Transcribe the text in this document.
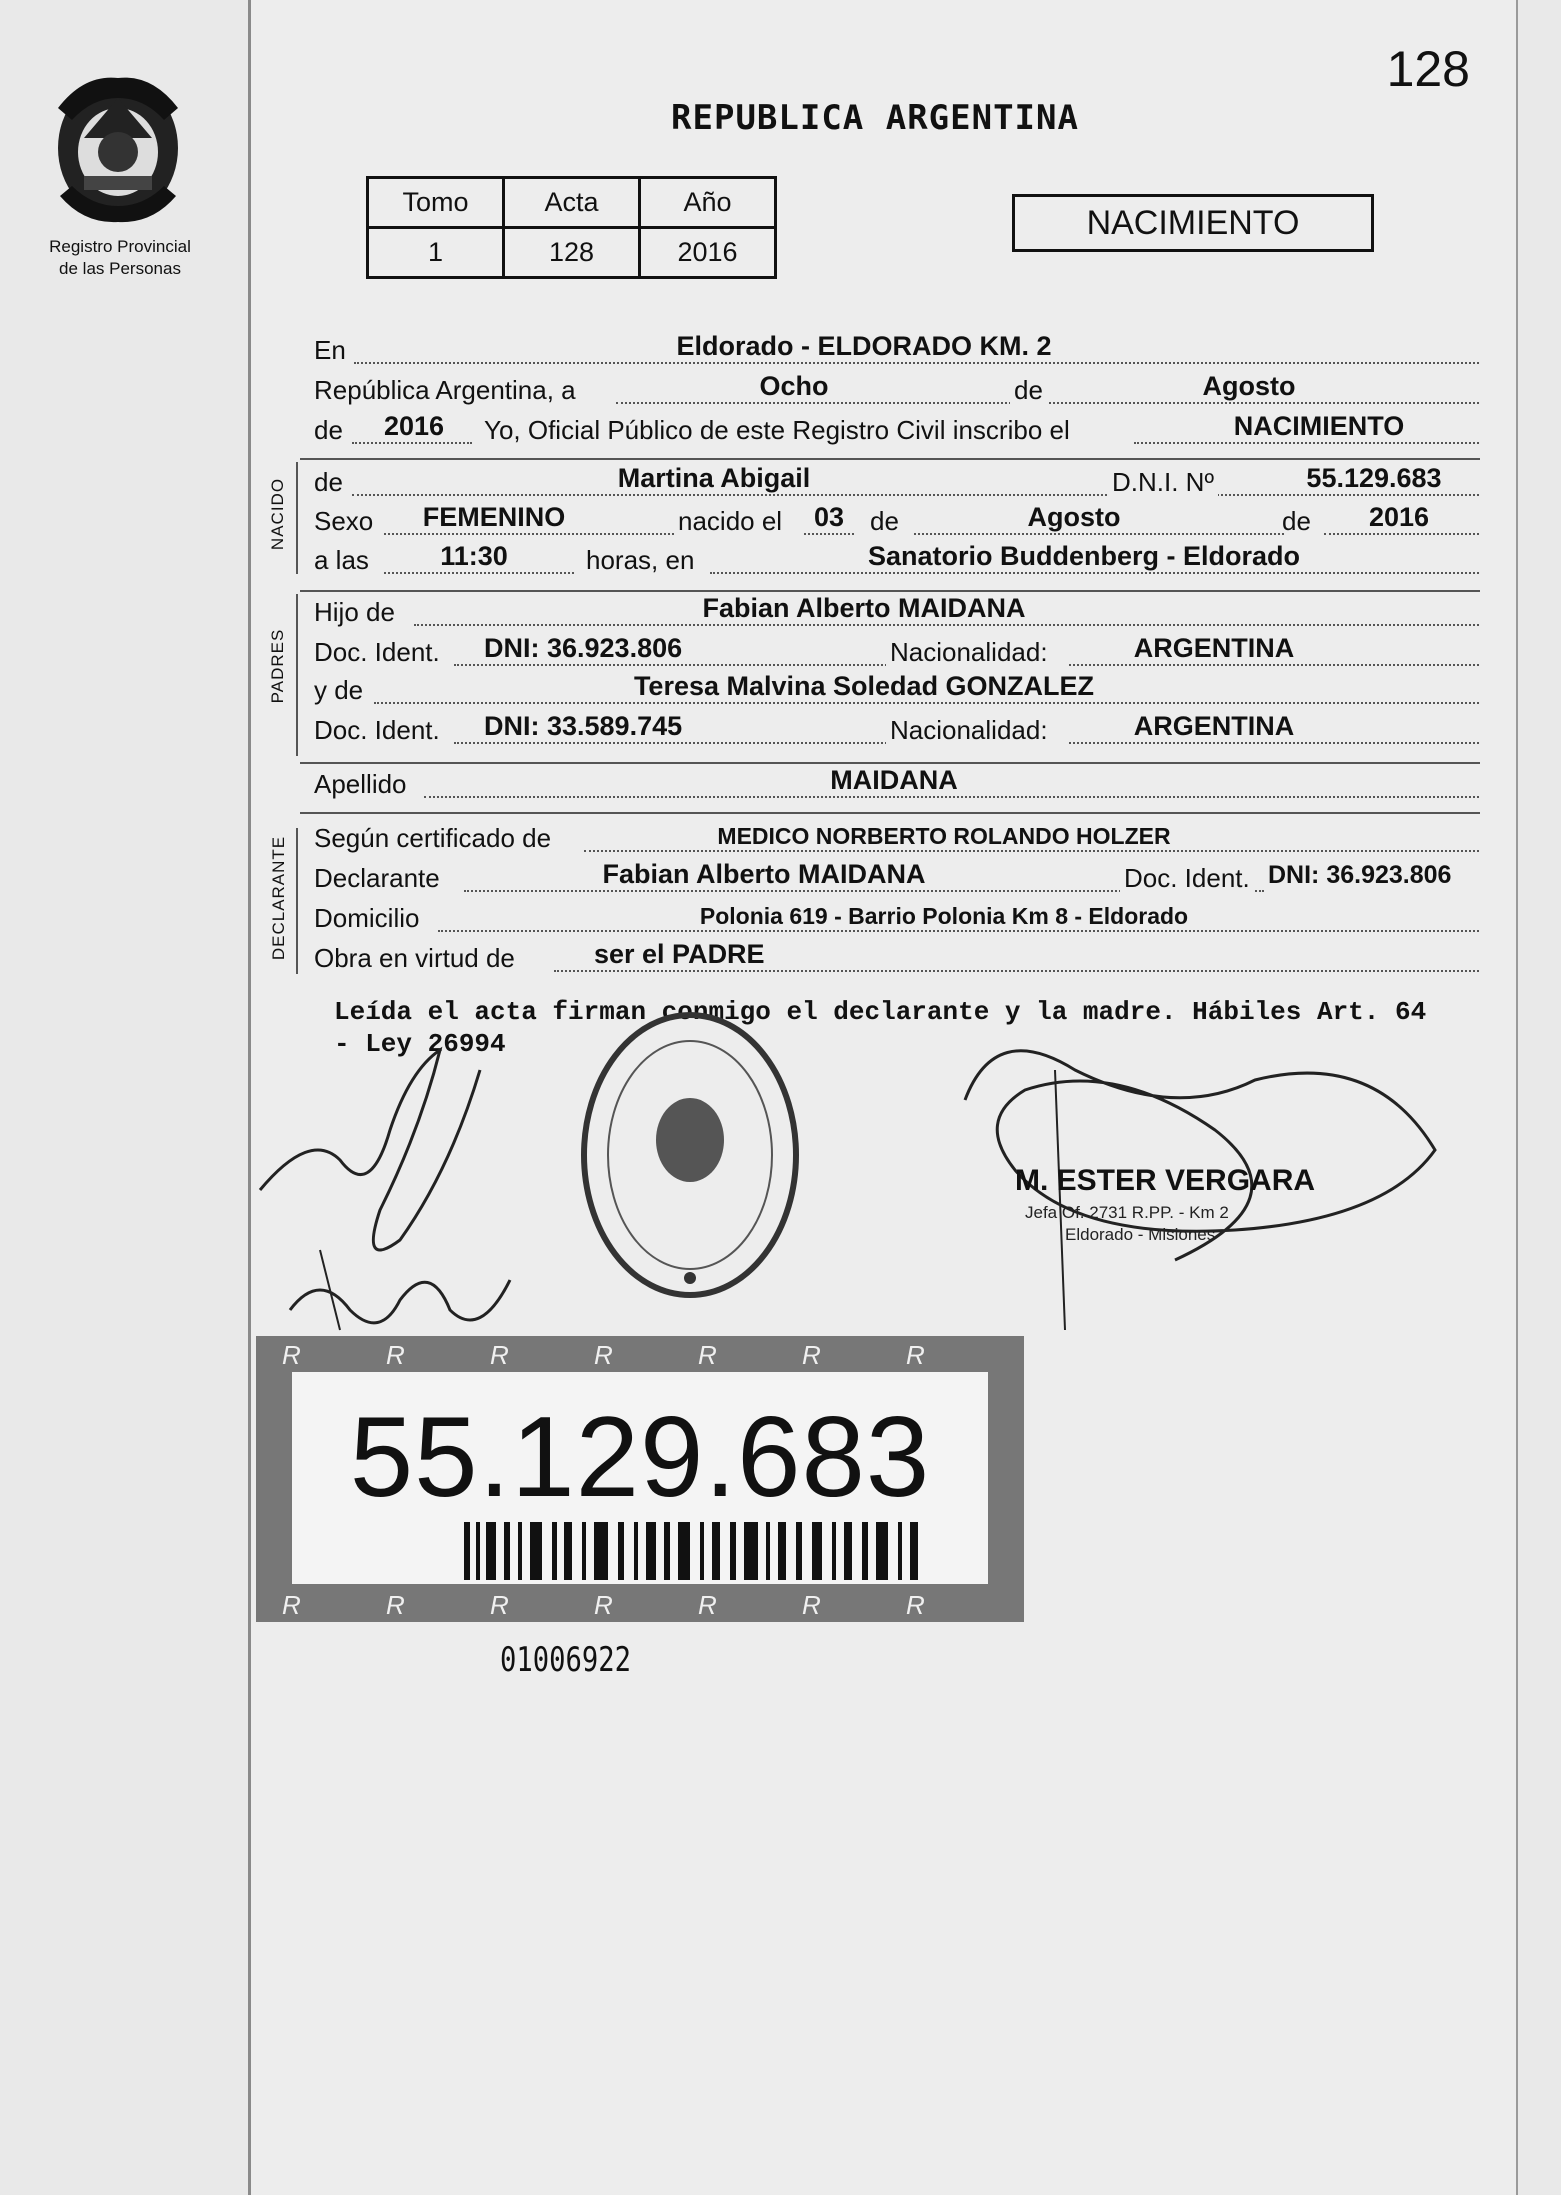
Registro Provincial
de las Personas
128
REPUBLICA ARGENTINA
Tomo	Acta	Año
1	128	2016
NACIMIENTO
En	Eldorado - ELDORADO KM. 2
República Argentina, a	Ocho	de	Agosto
de	2016	Yo, Oficial Público de este Registro Civil inscribo el	NACIMIENTO
NACIDO de	Martina Abigail	D.N.I. Nº	55.129.683
Sexo	FEMENINO	nacido el	03 de	Agosto	de	2016
a las	11:30	horas, en	Sanatorio Buddenberg - Eldorado
PADRES
Hijo de	Fabian Alberto MAIDANA
Doc. Ident. DNI: 36.923.806	Nacionalidad:	ARGENTINA
y de	Teresa Malvina Soledad GONZALEZ
Doc. Ident. DNI: 33.589.745	Nacionalidad:	ARGENTINA
Apellido	MAIDANA
DECLARANTE Según certificado de	MEDICO NORBERTO ROLANDO HOLZER
Declarante	Fabian Alberto MAIDANA	Doc. Ident. DNI: 36.923.806
Domicilio	Polonia 619 - Barrio Polonia Km 8 - Eldorado
Obra en virtud de	ser el PADRE
Leída el acta firman conmigo el declarante y la madre. Hábiles Art. 64 - Ley 26994
M. ESTER VERGARA
Jefa Of. 2731 R.PP. - Km 2
Eldorado - Misiones
R	R	R	R	R	R	R
R	R	R	R	R	R	R
55.129.683
01006922
